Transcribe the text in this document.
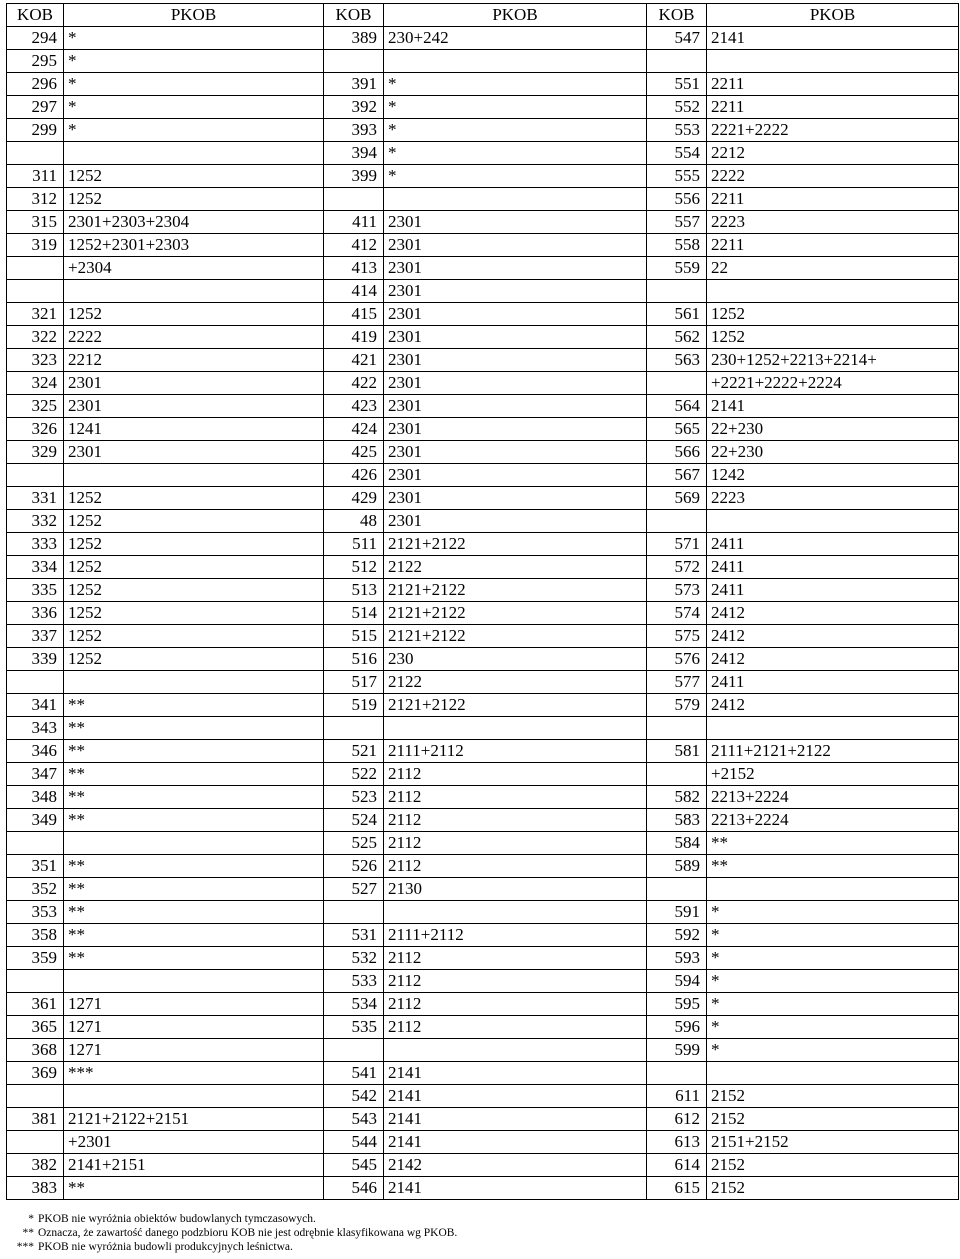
KOB	PKOB	KOB	PKOB	KOB	PKOB
294	*	389	230+242	547	2141
295	*				
296	*	391	*	551	2211
297	*	392	*	552	2211
299	*	393	*	553	2221+2222
		394	*	554	2212
311	1252	399	*	555	2222
312	1252			556	2211
315	2301+2303+2304	411	2301	557	2223
319	1252+2301+2303	412	2301	558	2211
	+2304	413	2301	559	22
		414	2301		
321	1252	415	2301	561	1252
322	2222	419	2301	562	1252
323	2212	421	2301	563	230+1252+2213+2214+
324	2301	422	2301		+2221+2222+2224
325	2301	423	2301	564	2141
326	1241	424	2301	565	22+230
329	2301	425	2301	566	22+230
		426	2301	567	1242
331	1252	429	2301	569	2223
332	1252	48	2301		
333	1252	511	2121+2122	571	2411
334	1252	512	2122	572	2411
335	1252	513	2121+2122	573	2411
336	1252	514	2121+2122	574	2412
337	1252	515	2121+2122	575	2412
339	1252	516	230	576	2412
		517	2122	577	2411
341	**	519	2121+2122	579	2412
343	**				
346	**	521	2111+2112	581	2111+2121+2122
347	**	522	2112		+2152
348	**	523	2112	582	2213+2224
349	**	524	2112	583	2213+2224
		525	2112	584	**
351	**	526	2112	589	**
352	**	527	2130		
353	**			591	*
358	**	531	2111+2112	592	*
359	**	532	2112	593	*
		533	2112	594	*
361	1271	534	2112	595	*
365	1271	535	2112	596	*
368	1271			599	*
369	***	541	2141		
		542	2141	611	2152
381	2121+2122+2151	543	2141	612	2152
	+2301	544	2141	613	2151+2152
382	2141+2151	545	2142	614	2152
383	**	546	2141	615	2152
* PKOB nie wyróżnia obiektów budowlanych tymczasowych.
** Oznacza, że zawartość danego podzbioru KOB nie jest odrębnie klasyfikowana wg PKOB.
*** PKOB nie wyróżnia budowli produkcyjnych leśnictwa.
